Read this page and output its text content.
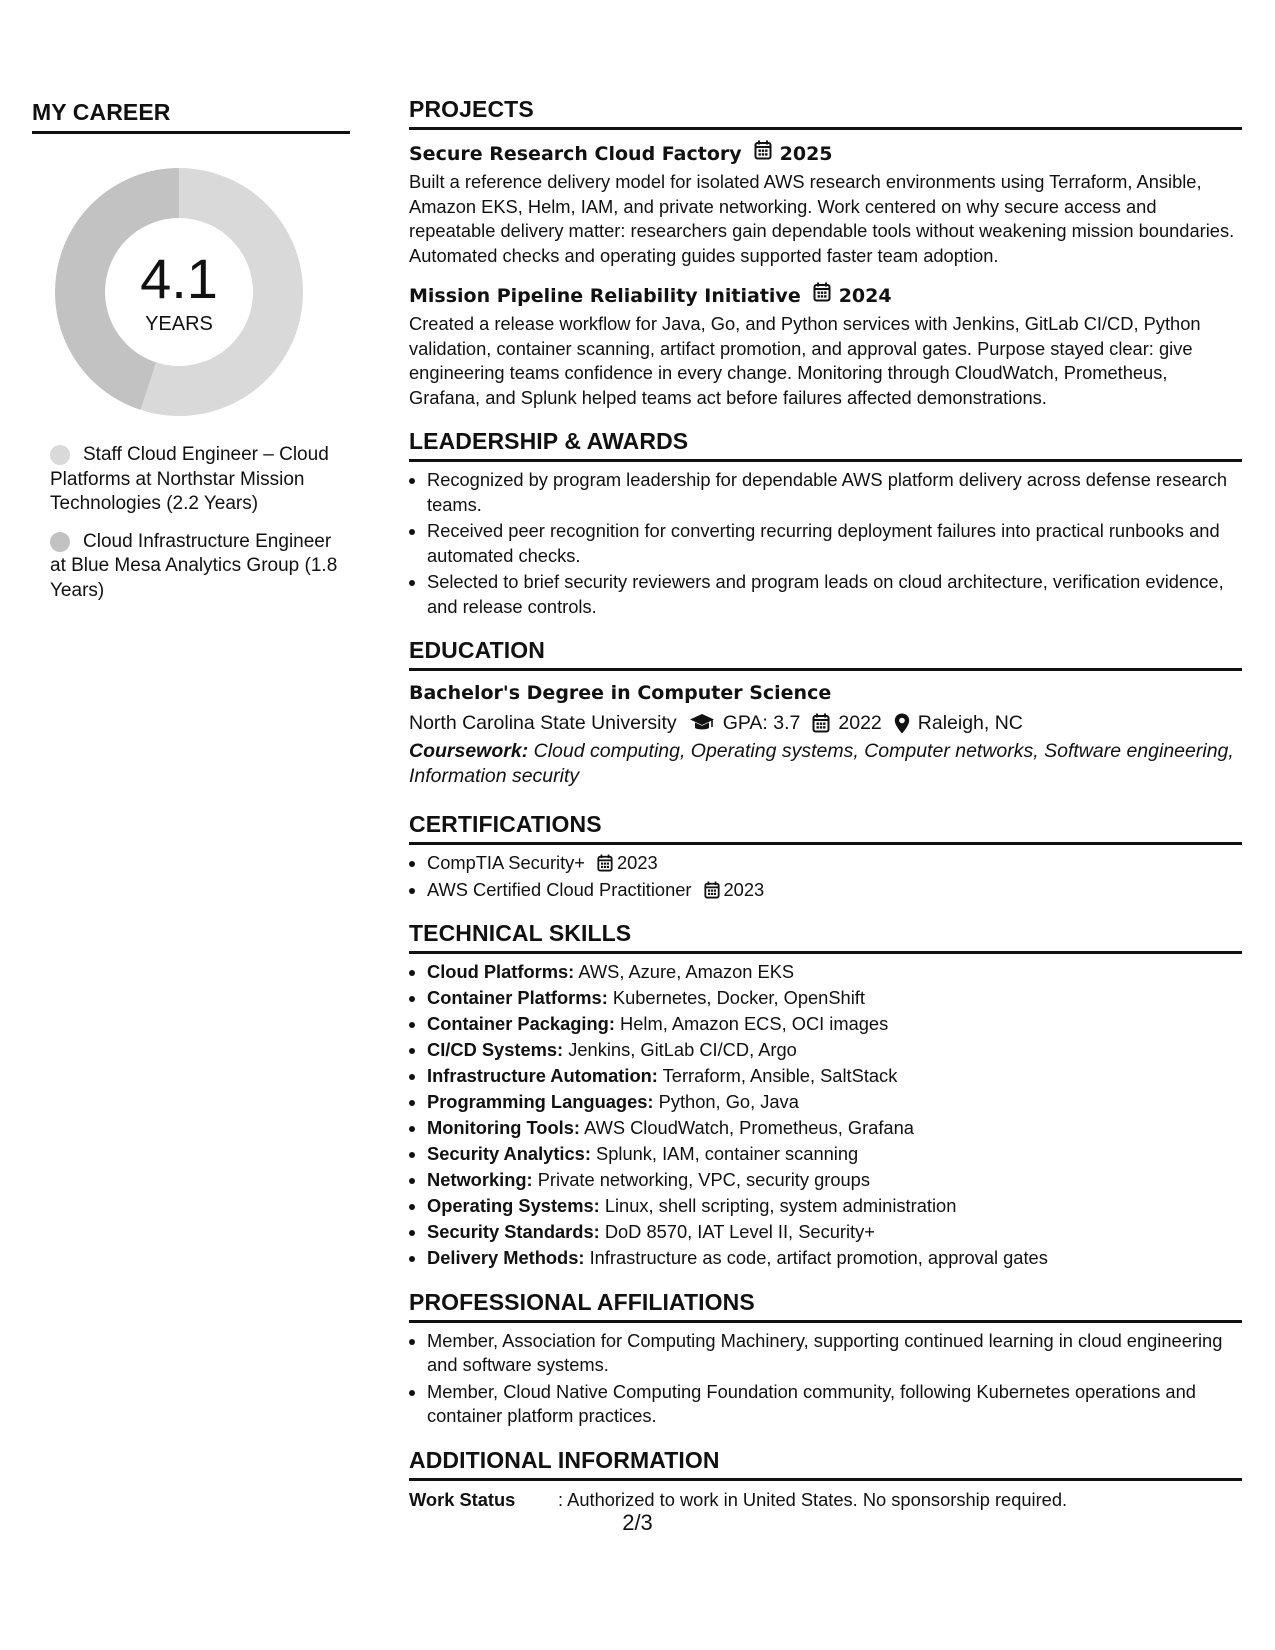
MY CAREER
4.1
YEARS
Staff Cloud Engineer – Cloud Platforms at Northstar Mission Technologies (2.2 Years)
Cloud Infrastructure Engineer at Blue Mesa Analytics Group (1.8 Years)
PROJECTS
Secure Research Cloud Factory 2025
Built a reference delivery model for isolated AWS research environments using Terraform, Ansible, Amazon EKS, Helm, IAM, and private networking. Work centered on why secure access and repeatable delivery matter: researchers gain dependable tools without weakening mission boundaries. Automated checks and operating guides supported faster team adoption.
Mission Pipeline Reliability Initiative 2024
Created a release workflow for Java, Go, and Python services with Jenkins, GitLab CI/CD, Python validation, container scanning, artifact promotion, and approval gates. Purpose stayed clear: give engineering teams confidence in every change. Monitoring through CloudWatch, Prometheus, Grafana, and Splunk helped teams act before failures affected demonstrations.
LEADERSHIP & AWARDS
• Recognized by program leadership for dependable AWS platform delivery across defense research teams.
• Received peer recognition for converting recurring deployment failures into practical runbooks and automated checks.
• Selected to brief security reviewers and program leads on cloud architecture, verification evidence, and release controls.
EDUCATION
Bachelor's Degree in Computer Science
North Carolina State University GPA: 3.7 2022 Raleigh, NC
Coursework: Cloud computing, Operating systems, Computer networks, Software engineering, Information security
CERTIFICATIONS
• CompTIA Security+ 2023
• AWS Certified Cloud Practitioner 2023
TECHNICAL SKILLS
• Cloud Platforms: AWS, Azure, Amazon EKS
• Container Platforms: Kubernetes, Docker, OpenShift
• Container Packaging: Helm, Amazon ECS, OCI images
• CI/CD Systems: Jenkins, GitLab CI/CD, Argo
• Infrastructure Automation: Terraform, Ansible, SaltStack
• Programming Languages: Python, Go, Java
• Monitoring Tools: AWS CloudWatch, Prometheus, Grafana
• Security Analytics: Splunk, IAM, container scanning
• Networking: Private networking, VPC, security groups
• Operating Systems: Linux, shell scripting, system administration
• Security Standards: DoD 8570, IAT Level II, Security+
• Delivery Methods: Infrastructure as code, artifact promotion, approval gates
PROFESSIONAL AFFILIATIONS
• Member, Association for Computing Machinery, supporting continued learning in cloud engineering and software systems.
• Member, Cloud Native Computing Foundation community, following Kubernetes operations and container platform practices.
ADDITIONAL INFORMATION
Work Status	: Authorized to work in United States. No sponsorship required.
2/3
